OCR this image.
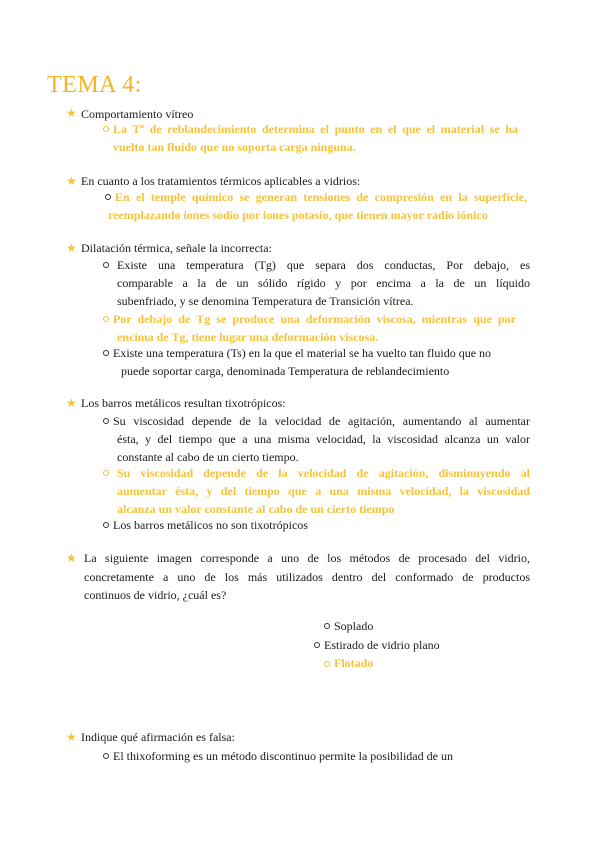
TEMA 4:
★ Comportamiento vítreo
La Tª de reblandecimiento determina el punto en el que el material se ha
vuelto tan fluido que no soporta carga ninguna.
★ En cuanto a los tratamientos térmicos aplicables a vidrios:
En el temple químico se generan tensiones de compresión en la superficie,
reemplazando iones sodio por iones potasio, que tienen mayor radio iónico
★ Dilatación térmica, señale la incorrecta:
Existe una temperatura (Tg) que separa dos conductas, Por debajo, es
comparable a la de un sólido rígido y por encima a la de un líquido
subenfriado, y se denomina Temperatura de Transición vítrea.
Por debajo de Tg se produce una deformación viscosa, mientras que por
encima de Tg, tiene lugar una deformación viscosa.
Existe una temperatura (Ts) en la que el material se ha vuelto tan fluido que no
puede soportar carga, denominada Temperatura de reblandecimiento
★ Los barros metálicos resultan tixotrópicos:
Su viscosidad depende de la velocidad de agitación, aumentando al aumentar
ésta, y del tiempo que a una misma velocidad, la viscosidad alcanza un valor
constante al cabo de un cierto tiempo.
Su viscosidad depende de la velocidad de agitación, disminuyendo al
aumentar ésta, y del tiempo que a una misma velocidad, la viscosidad
alcanza un valor constante al cabo de un cierto tiempo
Los barros metálicos no son tixotrópicos
★ La siguiente imagen corresponde a uno de los métodos de procesado del vidrio,
concretamente a uno de los más utilizados dentro del conformado de productos
continuos de vidrio, ¿cuál es?
Soplado
Estirado de vidrio plano
Flotado
★ Indique qué afirmación es falsa:
El thixoforming es un método discontinuo permite la posibilidad de un
